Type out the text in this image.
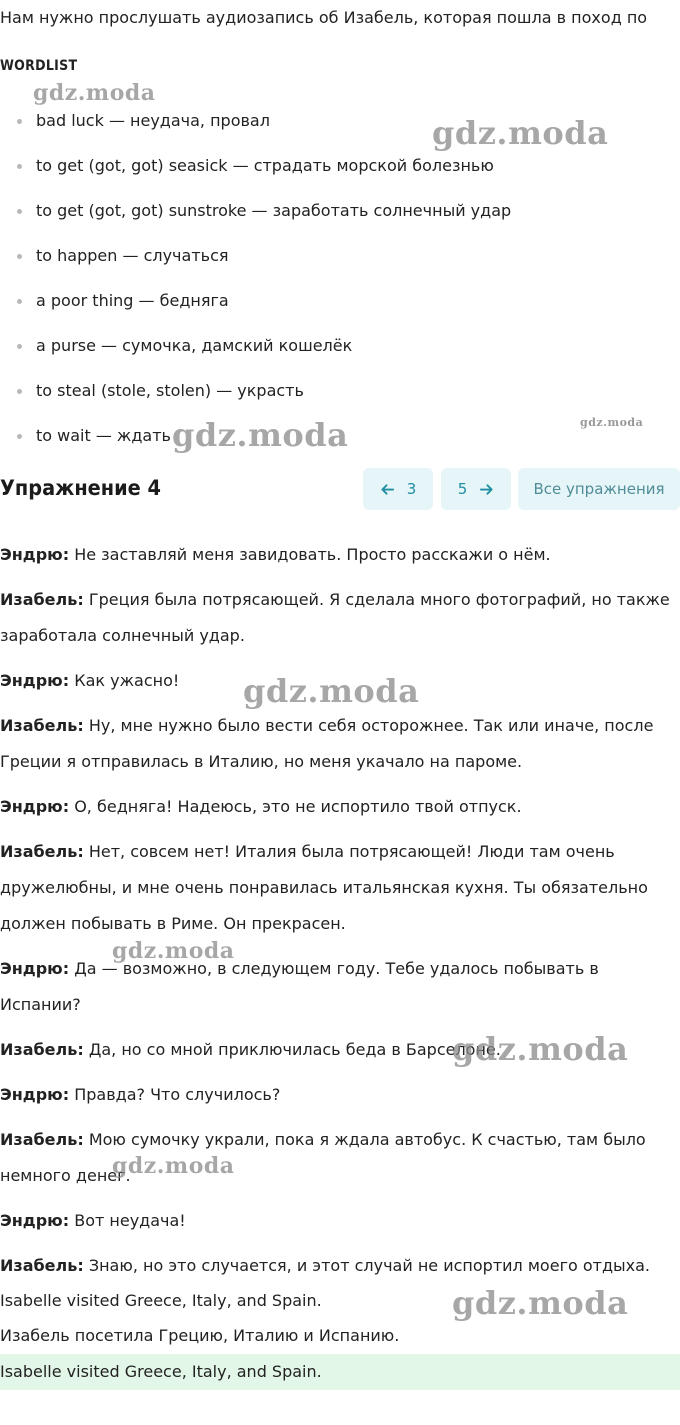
Нам нужно прослушать аудиозапись об Изабель, которая пошла в поход по
WORDLIST
bad luck — неудача, провал
to get (got, got) seasick — страдать морской болезнью
to get (got, got) sunstroke — заработать солнечный удар
to happen — случаться
a poor thing — бедняга
a purse — сумочка, дамский кошелёк
to steal (stole, stolen) — украсть
to wait — ждать
Упражнение 4	3	5	Все упражнения
Эндрю: Не заставляй меня завидовать. Просто расскажи о нём.
Изабель: Греция была потрясающей. Я сделала много фотографий, но также заработала солнечный удар.
Эндрю: Как ужасно!
Изабель: Ну, мне нужно было вести себя осторожнее. Так или иначе, после Греции я отправилась в Италию, но меня укачало на пароме.
Эндрю: О, бедняга! Надеюсь, это не испортило твой отпуск.
Изабель: Нет, совсем нет! Италия была потрясающей! Люди там очень дружелюбны, и мне очень понравилась итальянская кухня. Ты обязательно должен побывать в Риме. Он прекрасен.
Эндрю: Да — возможно, в следующем году. Тебе удалось побывать в Испании?
Изабель: Да, но со мной приключилась беда в Барселоне.
Эндрю: Правда? Что случилось?
Изабель: Мою сумочку украли, пока я ждала автобус. К счастью, там было немного денег.
Эндрю: Вот неудача!
Изабель: Знаю, но это случается, и этот случай не испортил моего отдыха.
Isabelle visited Greece, Italy, and Spain.
Изабель посетила Грецию, Италию и Испанию.
Isabelle visited Greece, Italy, and Spain.
gdz.moda
gdz.moda
gdz.moda
gdz.moda
gdz.moda
gdz.moda
gdz.moda
gdz.moda
gdz.moda
